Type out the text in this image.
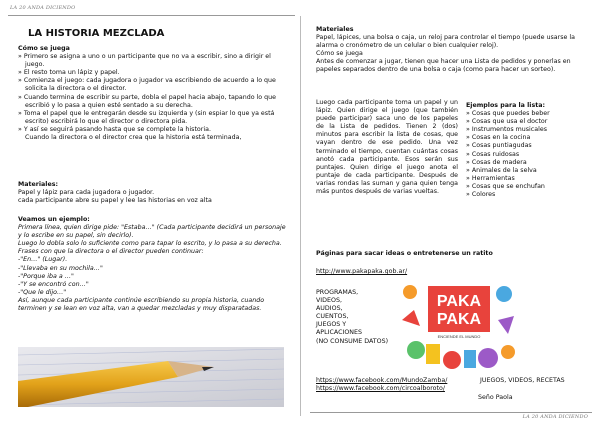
LA 20 ANDA DICIENDO
LA HISTORIA MEZCLADA
Cómo se juega
» Primero se asigna a uno o un participante que no va a escribir, sino a dirigir el juego.
» El resto toma un lápiz y papel.
» Comienza el juego: cada jugadora o jugador va escribiendo de acuerdo a lo que solicita la directora o el director.
» Cuando termina de escribir su parte, dobla el papel hacia abajo, tapando lo que escribió y lo pasa a quien esté sentado a su derecha.
» Toma el papel que le entregarán desde su izquierda y (sin espiar lo que ya está escrito) escribirá lo que el director o directora pida.
» Y así se seguirá pasando hasta que se complete la historia.
Cuando la directora o el director crea que la historia está terminada,
Materiales:
Papel y lápiz para cada jugadora o jugador.
cada participante abre su papel y lee las historias en voz alta
Veamos un ejemplo:
Primera línea, quien dirige pide: "Estaba…" (Cada participante decidirá un personaje y lo escribe en su papel, sin decirlo).
Luego lo dobla solo lo suficiente como para tapar lo escrito, y lo pasa a su derecha.
Frases con que la directora o el director pueden continuar:
-"En…" (Lugar).
-"Llevaba en su mochila…"
-"Porque iba a …"
-"Y se encontró con…"
-"Que le dijo…"
Así, aunque cada participante continúe escribiendo su propia historia, cuando terminen y se lean en voz alta, van a quedar mezcladas y muy disparatadas.
Materiales
Papel, lápices, una bolsa o caja, un reloj para controlar el tiempo (puede usarse la alarma o cronómetro de un celular o bien cualquier reloj).
Cómo se juega
Antes de comenzar a jugar, tienen que hacer una Lista de pedidos y ponerlas en papeles separados dentro de una bolsa o caja (como para hacer un sorteo).
Luego cada participante toma un papel y un lápiz. Quien dirige el juego (que también puede participar) saca uno de los papeles de la Lista de pedidos. Tienen 2 (dos) minutos para escribir la lista de cosas, que vayan dentro de ese pedido. Una vez terminado el tiempo, cuentan cuántas cosas anotó cada participante. Esos serán sus puntajes. Quien dirige el juego anota el puntaje de cada participante. Después de varias rondas las suman y gana quien tenga más puntos después de varias vueltas.
Ejemplos para la lista:
» Cosas que puedes beber
» Cosas que usa el doctor
» Instrumentos musicales
» Cosas en la cocina
» Cosas puntiagudas
» Cosas ruidosas
» Cosas de madera
» Animales de la selva
» Herramientas
» Cosas que se enchufan
» Colores
Páginas para sacar ideas o entretenerse un ratito
http://www.pakapaka.gob.ar/
PROGRAMAS,
VIDEOS,
AUDIOS,
CUENTOS,
JUEGOS Y
APLICACIONES
(NO CONSUME DATOS)
PAKA
PAKA
ENCIENDE EL MUNDO
https://www.facebook.com/MundoZamba/	JUEGOS, VIDEOS, RECETAS
https://www.facebook.com/circoalboroto/
Seño Paola
LA 20 ANDA DICIENDO
